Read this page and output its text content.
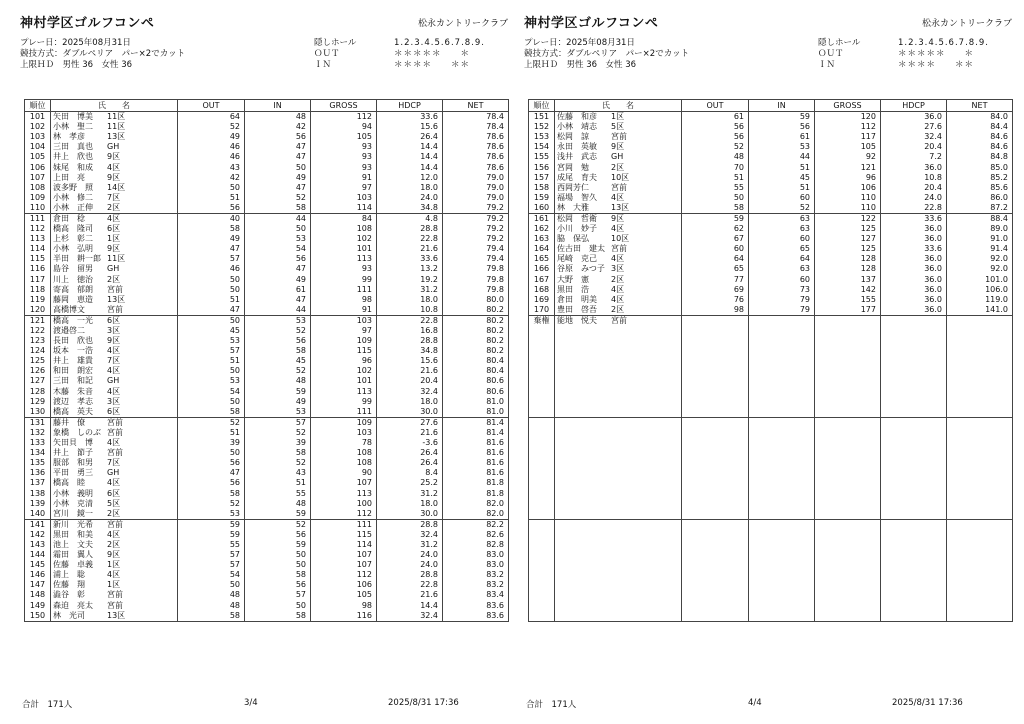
神村学区ゴルフコンペ	松永カントリークラブ
プレー日：2025年08月31日
競技方式：ダブルペリア　パー×2でカット
上限ＨＤ　男性 36　女性 36
隠しホール	1.2.3.4.5.6.7.8.9.
ＯＵＴ	＊＊＊＊＊　　＊
ＩＮ	＊＊＊＊　　＊＊
順位	氏　　名	OUT	IN	GROSS	HDCP	NET
101	矢田　博美 11区	64	48	112	33.6	78.4
102	小林　聖二 11区	52	42	94	15.6	78.4
103	林　孝彦 13区	49	56	105	26.4	78.6
104	三田　真也 GH	46	47	93	14.4	78.6
105	井上　欣也 9区	46	47	93	14.4	78.6
106	妹尾　和成 4区	43	50	93	14.4	78.6
107	上田　亮 9区	42	49	91	12.0	79.0
108	波多野　照 14区	50	47	97	18.0	79.0
109	小林　修二 7区	51	52	103	24.0	79.0
110	小林　正伸 2区	56	58	114	34.8	79.2
111	倉田　稔 4区	40	44	84	4.8	79.2
112	橋高　隆司 6区	58	50	108	28.8	79.2
113	上杉　彰二 1区	49	53	102	22.8	79.2
114	小林　弘明 9区	47	54	101	21.6	79.4
115	半田　耕一郎 11区	57	56	113	33.6	79.4
116	島谷　留男 GH	46	47	93	13.2	79.8
117	川上　徳治 2区	50	49	99	19.2	79.8
118	寄高　郁朗 宮前	50	61	111	31.2	79.8
119	藤岡　恵造 13区	51	47	98	18.0	80.0
120	高橋博文 宮前	47	44	91	10.8	80.2
121	橋高　一光 6区	50	53	103	22.8	80.2
122	渡邉啓二 3区	45	52	97	16.8	80.2
123	長田　欣也 9区	53	56	109	28.8	80.2
124	坂本　一浩 4区	57	58	115	34.8	80.2
125	井上　雄貴 7区	51	45	96	15.6	80.4
126	和田　朗宏 4区	50	52	102	21.6	80.4
127	三田　和記 GH	53	48	101	20.4	80.6
128	木藤　朱音 4区	54	59	113	32.4	80.6
129	渡辺　孝志 3区	50	49	99	18.0	81.0
130	橋高　英夫 6区	58	53	111	30.0	81.0
131	藤井　僚 宮前	52	57	109	27.6	81.4
132	象橋　しのぶ 宮前	51	52	103	21.6	81.4
133	矢田貝　博 4区	39	39	78	-3.6	81.6
134	井上　節子 宮前	50	58	108	26.4	81.6
135	服部　和男 7区	56	52	108	26.4	81.6
136	平田　勇三 GH	47	43	90	8.4	81.6
137	橋高　睦 4区	56	51	107	25.2	81.8
138	小林　義明 6区	58	55	113	31.2	81.8
139	小林　克清 5区	52	48	100	18.0	82.0
140	宮川　鏡一 2区	53	59	112	30.0	82.0
141	新川　光希 宮前	59	52	111	28.8	82.2
142	黒田　和美 4区	59	56	115	32.4	82.6
143	池上　文夫 2区	55	59	114	31.2	82.8
144	霜田　翼人 9区	57	50	107	24.0	83.0
145	佐藤　卓義 1区	57	50	107	24.0	83.0
146	浦上　聡 4区	54	58	112	28.8	83.2
147	佐藤　翔 1区	50	56	106	22.8	83.2
148	澁谷　彰 宮前	48	57	105	21.6	83.4
149	森迫　亮太 宮前	48	50	98	14.4	83.6
150	林　光司 13区	58	58	116	32.4	83.6
合計　171人	3/4	2025/8/31 17:36
神村学区ゴルフコンペ	松永カントリークラブ
プレー日：2025年08月31日
競技方式：ダブルペリア　パー×2でカット
上限ＨＤ　男性 36　女性 36
隠しホール	1.2.3.4.5.6.7.8.9.
ＯＵＴ	＊＊＊＊＊　　＊
ＩＮ	＊＊＊＊　　＊＊
順位	氏　　名	OUT	IN	GROSS	HDCP	NET
151	佐藤　和彦 1区	61	59	120	36.0	84.0
152	小林　靖志 5区	56	56	112	27.6	84.4
153	松岡　諒 宮前	56	61	117	32.4	84.6
154	永田　英敏 9区	52	53	105	20.4	84.6
155	浅井　武志 GH	48	44	92	7.2	84.8
156	宮岡　勉 2区	70	51	121	36.0	85.0
157	成尾　育夫 10区	51	45	96	10.8	85.2
158	西岡芳仁 宮前	55	51	106	20.4	85.6
159	福場　智久 4区	50	60	110	24.0	86.0
160	林　大雅 13区	58	52	110	22.8	87.2
161	松岡　哲衛 9区	59	63	122	33.6	88.4
162	小川　妙子 4区	62	63	125	36.0	89.0
163	脇　保弘 10区	67	60	127	36.0	91.0
164	佐古田　建太 宮前	60	65	125	33.6	91.4
165	尾崎　克己 4区	64	64	128	36.0	92.0
166	谷原　みつ子 3区	65	63	128	36.0	92.0
167	大野　憲 2区	77	60	137	36.0	101.0
168	黒田　浩 4区	69	73	142	36.0	106.0
169	倉田　明美 4区	76	79	155	36.0	119.0
170	豊田　啓吾 2区	98	79	177	36.0	141.0
棄権	能地　悦夫 宮前					

合計　171人	4/4	2025/8/31 17:36
